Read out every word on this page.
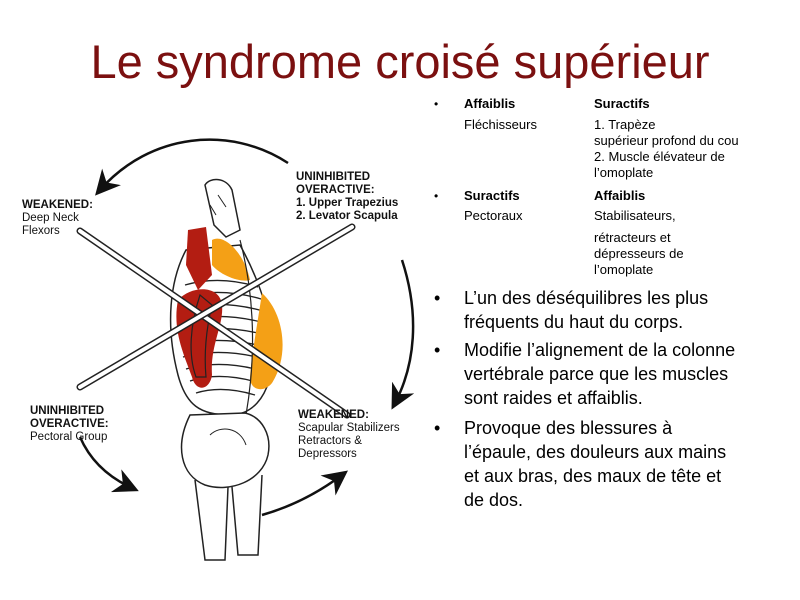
Le syndrome croisé supérieur
WEAKENED:
Deep Neck
Flexors
UNINHIBITED
OVERACTIVE:
1. Upper Trapezius
2. Levator Scapula
UNINHIBITED
OVERACTIVE:
Pectoral Group
WEAKENED:
Scapular Stabilizers
Retractors &
Depressors
• Affaiblis	Suractifs
Fléchisseurs	1. Trapèze
supérieur profond du cou
2. Muscle élévateur de
l’omoplate
• Suractifs	Affaiblis
Pectoraux	Stabilisateurs,
rétracteurs et
dépresseurs de
l’omoplate
• L’un des déséquilibres les plus
fréquents du haut du corps.
• Modifie l’alignement de la colonne
vertébrale parce que les muscles
sont raides et affaiblis.
• Provoque des blessures à
l’épaule, des douleurs aux mains
et aux bras, des maux de tête et
de dos.
